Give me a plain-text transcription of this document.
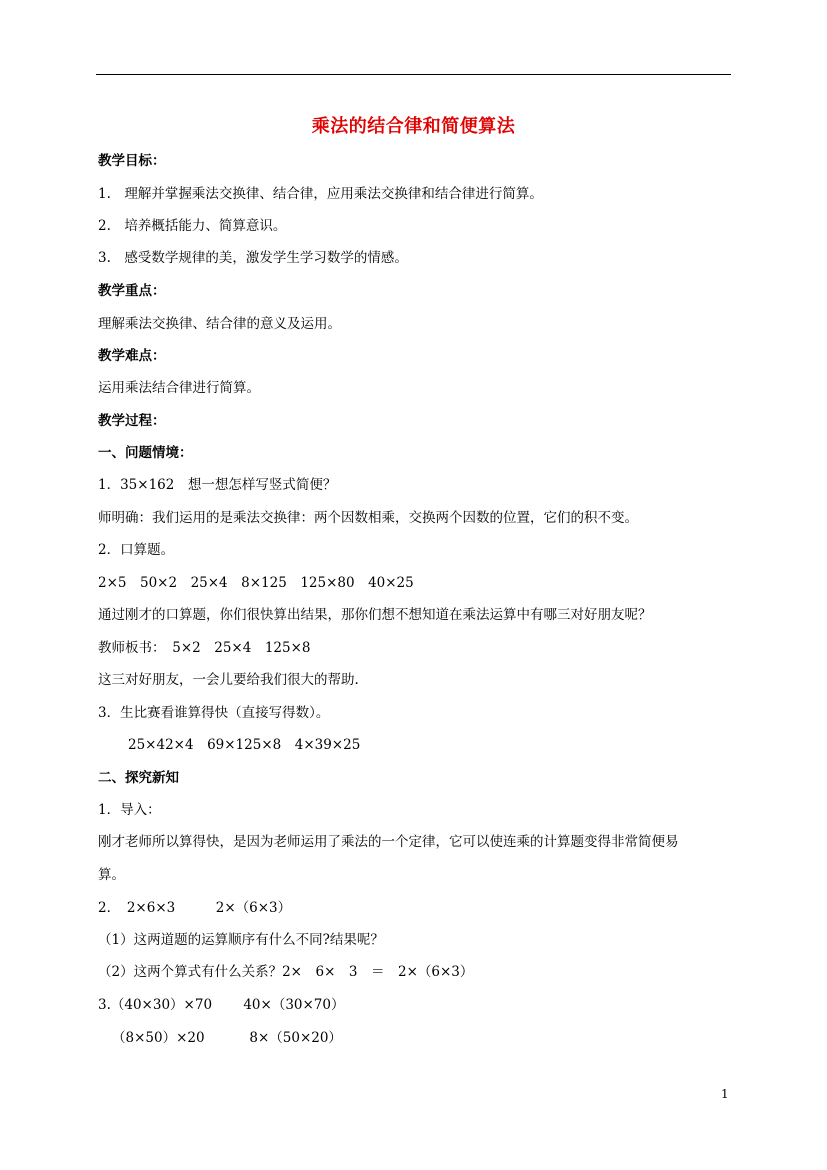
乘法的结合律和简便算法
教学目标：
1.　理解并掌握乘法交换律、结合律，应用乘法交换律和结合律进行简算。
2.　培养概括能力、简算意识。
3.　感受数学规律的美，激发学生学习数学的情感。
教学重点：
理解乘法交换律、结合律的意义及运用。
教学难点：
运用乘法结合律进行简算。
教学过程：
一、问题情境：
1．35×162　想一想怎样写竖式简便？
师明确：我们运用的是乘法交换律：两个因数相乘，交换两个因数的位置，它们的积不变。
2．口算题。
2×5　50×2　25×4　8×125　125×80　40×25
通过刚才的口算题，你们很快算出结果，那你们想不想知道在乘法运算中有哪三对好朋友呢？
教师板书：　5×2　25×4　125×8
这三对好朋友，一会儿要给我们很大的帮助.
3．生比赛看谁算得快（直接写得数）。
25×42×4　69×125×8　4×39×25
二、探究新知
1．导入：
刚才老师所以算得快，是因为老师运用了乘法的一个定律，它可以使连乘的计算题变得非常简便易
算。
2．　2×6×3　　　2×（6×3）
（1）这两道题的运算顺序有什么不同?结果呢？
（2）这两个算式有什么关系？2×　6×　3　＝　2×（6×3）
3.（40×30）×70　　 40×（30×70）
（8×50）×20　　　 8×（50×20）
1
